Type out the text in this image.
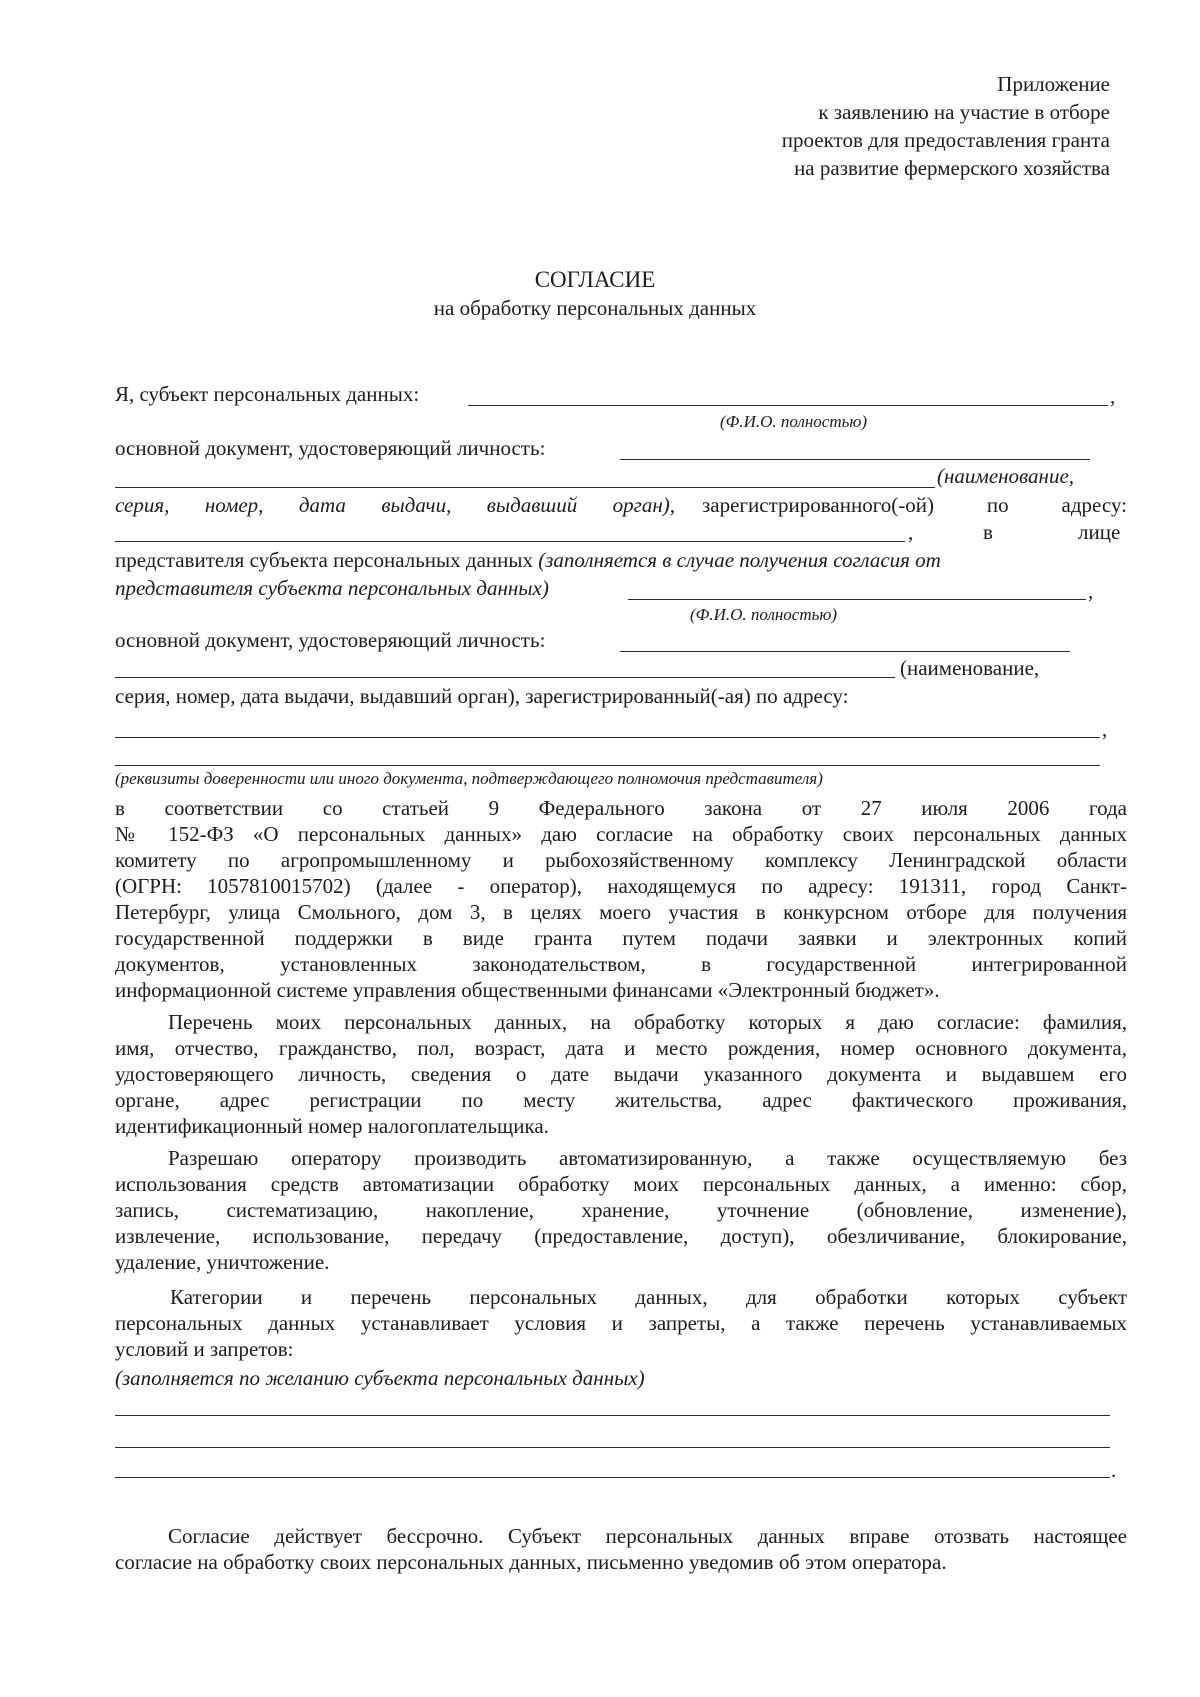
Приложение
к заявлению на участие в отборе
проектов для предоставления гранта
на развитие фермерского хозяйства
СОГЛАСИЕ
на обработку персональных данных
Я, субъект персональных данных:	,
(Ф.И.О. полностью)
основной документ, удостоверяющий личность:
(наименование,
серия, номер, дата выдачи, выдавший орган), зарегистрированного(-ой) по адресу:
,	в	лице
представителя субъекта персональных данных (заполняется в случае получения согласия от
представителя субъекта персональных данных)	,
(Ф.И.О. полностью)
основной документ, удостоверяющий личность:
(наименование,
серия, номер, дата выдачи, выдавший орган), зарегистрированный(-ая) по адресу:
,
(реквизиты доверенности или иного документа, подтверждающего полномочия представителя)
в соответствии со статьей 9 Федерального закона от 27 июля 2006 года
№ 152-ФЗ «О персональных данных» даю согласие на обработку своих персональных данных
комитету по агропромышленному и рыбохозяйственному комплексу Ленинградской области
(ОГРН: 1057810015702) (далее - оператор), находящемуся по адресу: 191311, город Санкт-
Петербург, улица Смольного, дом 3, в целях моего участия в конкурсном отборе для получения
государственной поддержки в виде гранта путем подачи заявки и электронных копий
документов, установленных законодательством, в государственной интегрированной
информационной системе управления общественными финансами «Электронный бюджет».
Перечень моих персональных данных, на обработку которых я даю согласие: фамилия,
имя, отчество, гражданство, пол, возраст, дата и место рождения, номер основного документа,
удостоверяющего личность, сведения о дате выдачи указанного документа и выдавшем его
органе, адрес регистрации по месту жительства, адрес фактического проживания,
идентификационный номер налогоплательщика.
Разрешаю оператору производить автоматизированную, а также осуществляемую без
использования средств автоматизации обработку моих персональных данных, а именно: сбор,
запись, систематизацию, накопление, хранение, уточнение (обновление, изменение),
извлечение, использование, передачу (предоставление, доступ), обезличивание, блокирование,
удаление, уничтожение.
Категории и перечень персональных данных, для обработки которых субъект
персональных данных устанавливает условия и запреты, а также перечень устанавливаемых
условий и запретов:
(заполняется по желанию субъекта персональных данных)
.
Согласие действует бессрочно. Субъект персональных данных вправе отозвать настоящее
согласие на обработку своих персональных данных, письменно уведомив об этом оператора.
